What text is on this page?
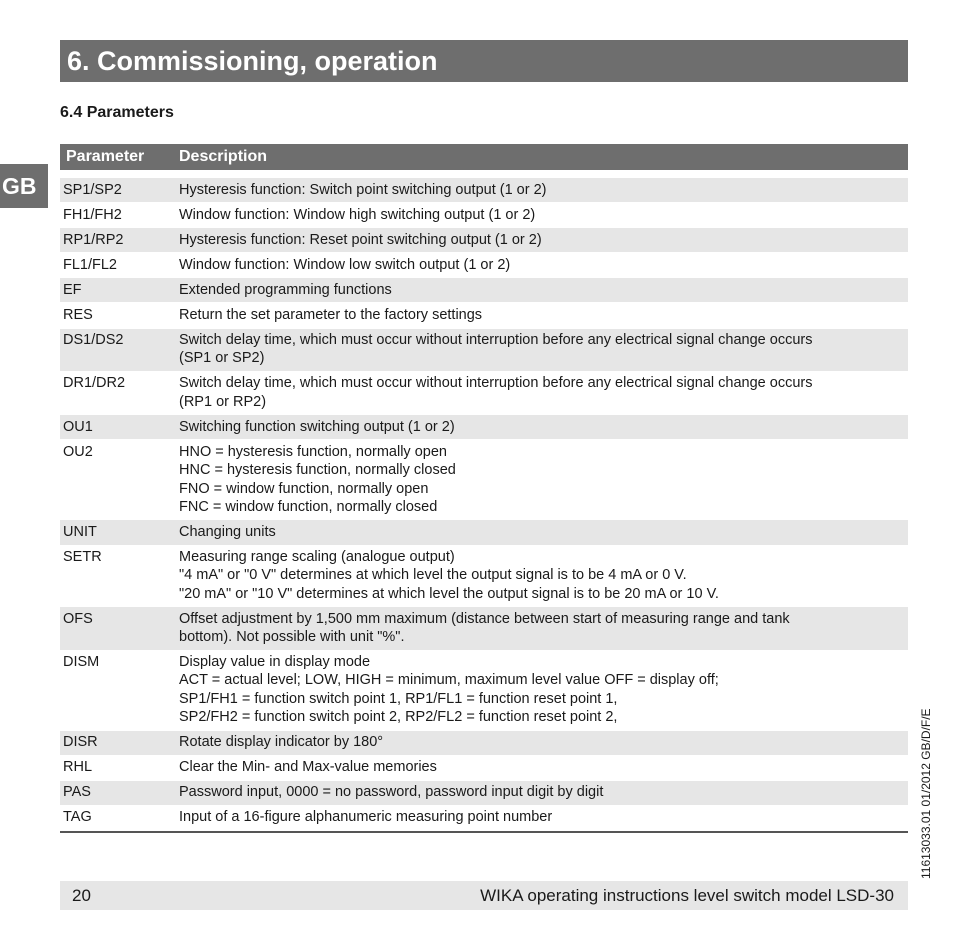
6. Commissioning, operation
6.4 Parameters
GB
Parameter Description
SP1/SP2	Hysteresis function: Switch point switching output (1 or 2)
FH1/FH2	Window function: Window high switching output (1 or 2)
RP1/RP2	Hysteresis function: Reset point switching output (1 or 2)
FL1/FL2	Window function: Window low switch output (1 or 2)
EF	Extended programming functions
RES	Return the set parameter to the factory settings
DS1/DS2	Switch delay time, which must occur without interruption before any electrical signal change occurs
(SP1 or SP2)
DR1/DR2	Switch delay time, which must occur without interruption before any electrical signal change occurs
(RP1 or RP2)
OU1	Switching function switching output (1 or 2)
OU2	HNO = hysteresis function, normally open
HNC = hysteresis function, normally closed
FNO = window function, normally open
FNC = window function, normally closed
UNIT	Changing units
SETR	Measuring range scaling (analogue output)
"4 mA" or "0 V" determines at which level the output signal is to be 4 mA or 0 V.
"20 mA" or "10 V" determines at which level the output signal is to be 20 mA or 10 V.
OFS	Offset adjustment by 1,500 mm maximum (distance between start of measuring range and tank
bottom). Not possible with unit "%".
DISM	Display value in display mode
ACT = actual level; LOW, HIGH = minimum, maximum level value OFF = display off;
SP1/FH1 = function switch point 1, RP1/FL1 = function reset point 1,
SP2/FH2 = function switch point 2, RP2/FL2 = function reset point 2,
DISR	Rotate display indicator by 180°
RHL	Clear the Min- and Max-value memories
PAS	Password input, 0000 = no password, password input digit by digit
TAG	Input of a 16-figure alphanumeric measuring point number
20	WIKA operating instructions level switch model LSD-30
11613033.01 01/2012 GB/D/F/E
